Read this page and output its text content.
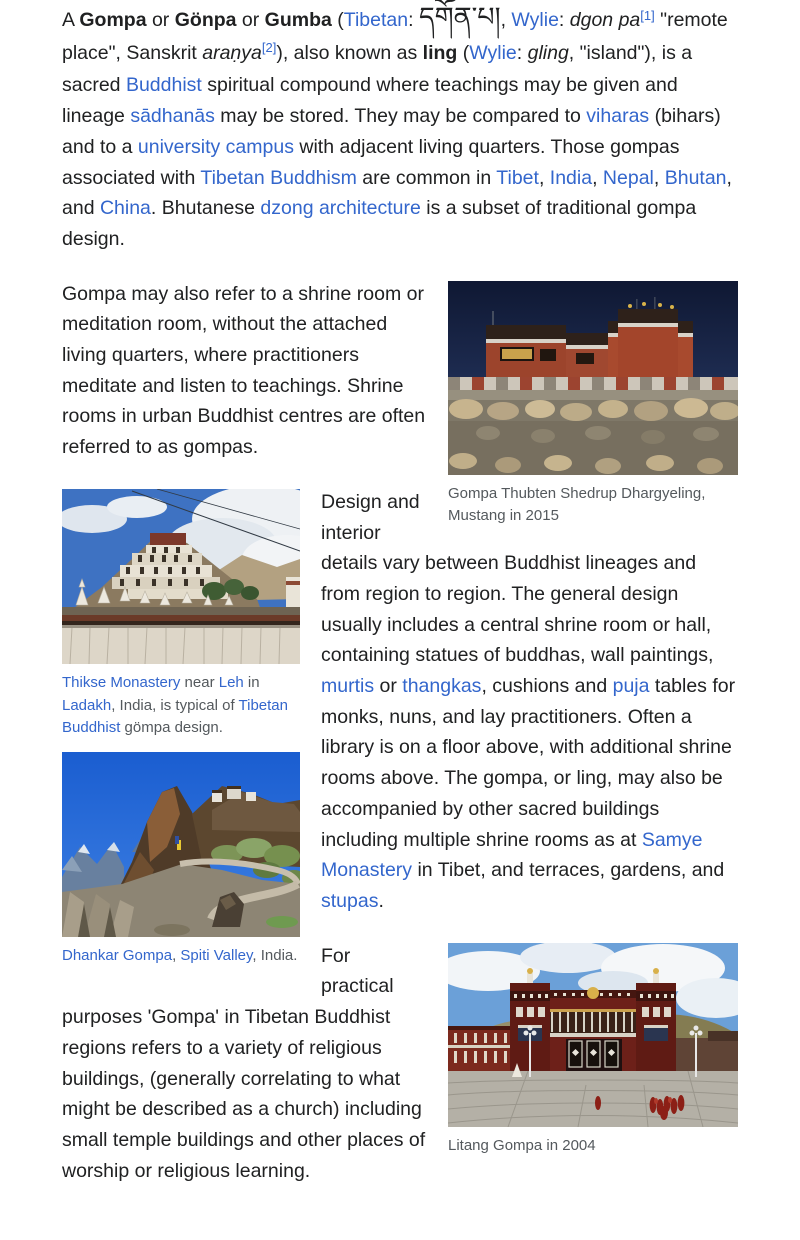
A Gompa or Gönpa or Gumba (Tibetan: དགོན་པ།, Wylie: dgon pa[1] "remote place", Sanskrit araṇya[2]), also known as ling (Wylie: gling, "island"), is a sacred Buddhist spiritual compound where teachings may be given and lineage sādhanās may be stored. They may be compared to viharas (bihars) and to a university campus with adjacent living quarters. Those gompas associated with Tibetan Buddhism are common in Tibet, India, Nepal, Bhutan, and China. Bhutanese dzong architecture is a subset of traditional gompa design.

Gompa Thubten Shedrup Dhargyeling, Mustang in 2015

Gompa may also refer to a shrine room or meditation room, without the attached living quarters, where practitioners meditate and listen to teachings. Shrine rooms in urban Buddhist centres are often referred to as gompas.

Thikse Monastery near Leh in Ladakh, India, is typical of Tibetan Buddhist gömpa design.
Dhankar Gompa, Spiti Valley, India.

Design and interior details vary between Buddhist lineages and from region to region. The general design usually includes a central shrine room or hall, containing statues of buddhas, wall paintings, murtis or thangkas, cushions and puja tables for monks, nuns, and lay practitioners. Often a library is on a floor above, with additional shrine rooms above. The gompa, or ling, may also be accompanied by other sacred buildings including multiple shrine rooms as at Samye Monastery in Tibet, and terraces, gardens, and stupas.

Litang Gompa in 2004

For practical purposes 'Gompa' in Tibetan Buddhist regions refers to a variety of religious buildings, (generally correlating to what might be described as a church) including small temple buildings and other places of worship or religious learning.
